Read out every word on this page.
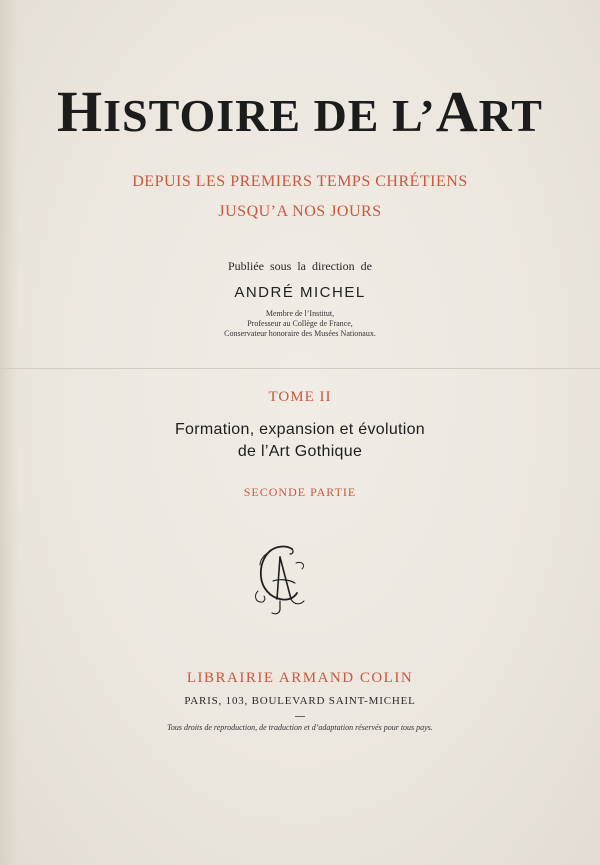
HISTOIRE DE L’ART
DEPUIS LES PREMIERS TEMPS CHRÉTIENS
JUSQU’A NOS JOURS
Publiée sous la direction de
ANDRÉ MICHEL
Membre de l’Institut,
Professeur au Collège de France,
Conservateur honoraire des Musées Nationaux.
TOME II
Formation, expansion et évolution
de l’Art Gothique
SECONDE PARTIE
LIBRAIRIE ARMAND COLIN
PARIS, 103, BOULEVARD SAINT-MICHEL
Tous droits de reproduction, de traduction et d’adaptation réservés pour tous pays.
